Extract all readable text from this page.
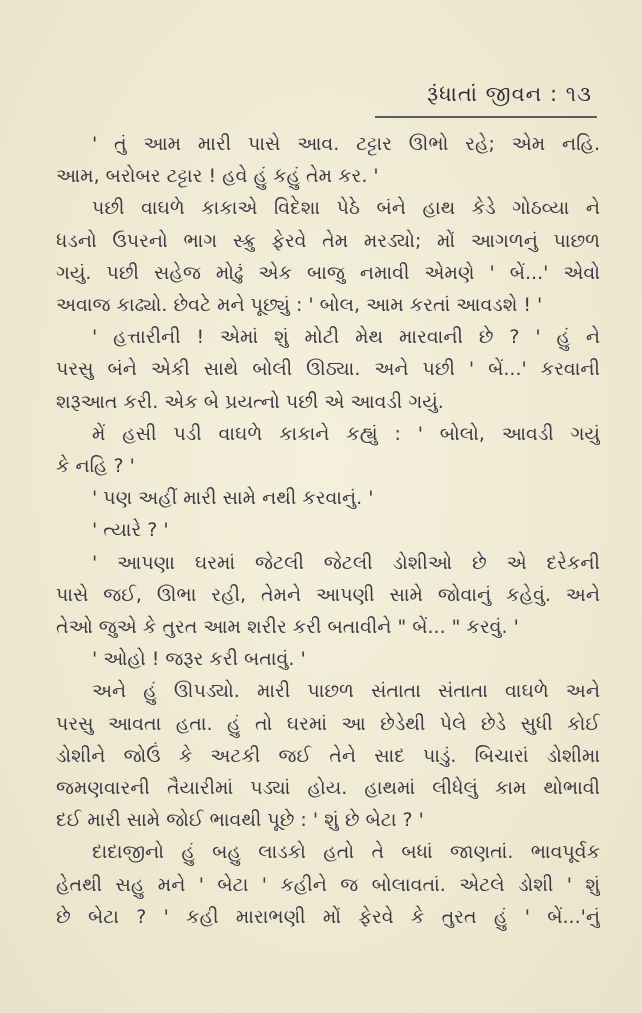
રૂંધાતાં જીવન : ૧૩
' તું આમ મારી પાસે આવ. ટટ્ટાર ઊભો રહે; એમ નહિ.
આમ, બરોબર ટટ્ટાર ! હવે હું કહું તેમ કર. '
પછી વાઘળે કાકાએ વિદેશા પેઠે બંને હાથ કેડે ગોઠવ્યા ને
ધડનો ઉપરનો ભાગ સ્ક્રુ ફેરવે તેમ મરડ્યો; મોં આગળનું પાછળ
ગયું. પછી સહેજ મોઢું એક બાજુ નમાવી એમણે ' બેં...' એવો
અવાજ કાઢ્યો. છેવટે મને પૂછ્યું : ' બોલ, આમ કરતાં આવડશે ! '
' હત્તારીની ! એમાં શું મોટી મેથ મારવાની છે ? ' હું ને
પરસુ બંને એકી સાથે બોલી ઊઠ્યા. અને પછી ' બેં...' કરવાની
શરૂઆત કરી. એક બે પ્રયત્નો પછી એ આવડી ગયું.
મેં હસી પડી વાઘળે કાકાને કહ્યું : ' બોલો, આવડી ગયું
કે નહિ ? '
' પણ અહીં મારી સામે નથી કરવાનું. '
' ત્યારે ? '
' આપણા ઘરમાં જેટલી જેટલી ડોશીઓ છે એ દરેકની
પાસે જઈ, ઊભા રહી, તેમને આપણી સામે જોવાનું કહેવું. અને
તેઓ જુએ કે તુરત આમ શરીર કરી બતાવીને " બેં... " કરવું. '
' ઓહો ! જરૂર કરી બતાવું. '
અને હું ઊપડ્યો. મારી પાછળ સંતાતા સંતાતા વાઘળે અને
પરસુ આવતા હતા. હું તો ઘરમાં આ છેડેથી પેલે છેડે સુધી કોઈ
ડોશીને જોઉં કે અટકી જઈ તેને સાદ પાડું. બિચારાં ડોશીમા
જમણવારની તૈયારીમાં પડ્યાં હોય. હાથમાં લીધેલું કામ થોભાવી
દઈ મારી સામે જોઈ ભાવથી પૂછે : ' શું છે બેટા ? '
દાદાજીનો હું બહુ લાડકો હતો તે બધાં જાણતાં. ભાવપૂર્વક
હેતથી સહુ મને ' બેટા ' કહીને જ બોલાવતાં. એટલે ડોશી ' શું
છે બેટા ? ' કહી મારાભણી મોં ફેરવે કે તુરત હું ' બેં...'નું
